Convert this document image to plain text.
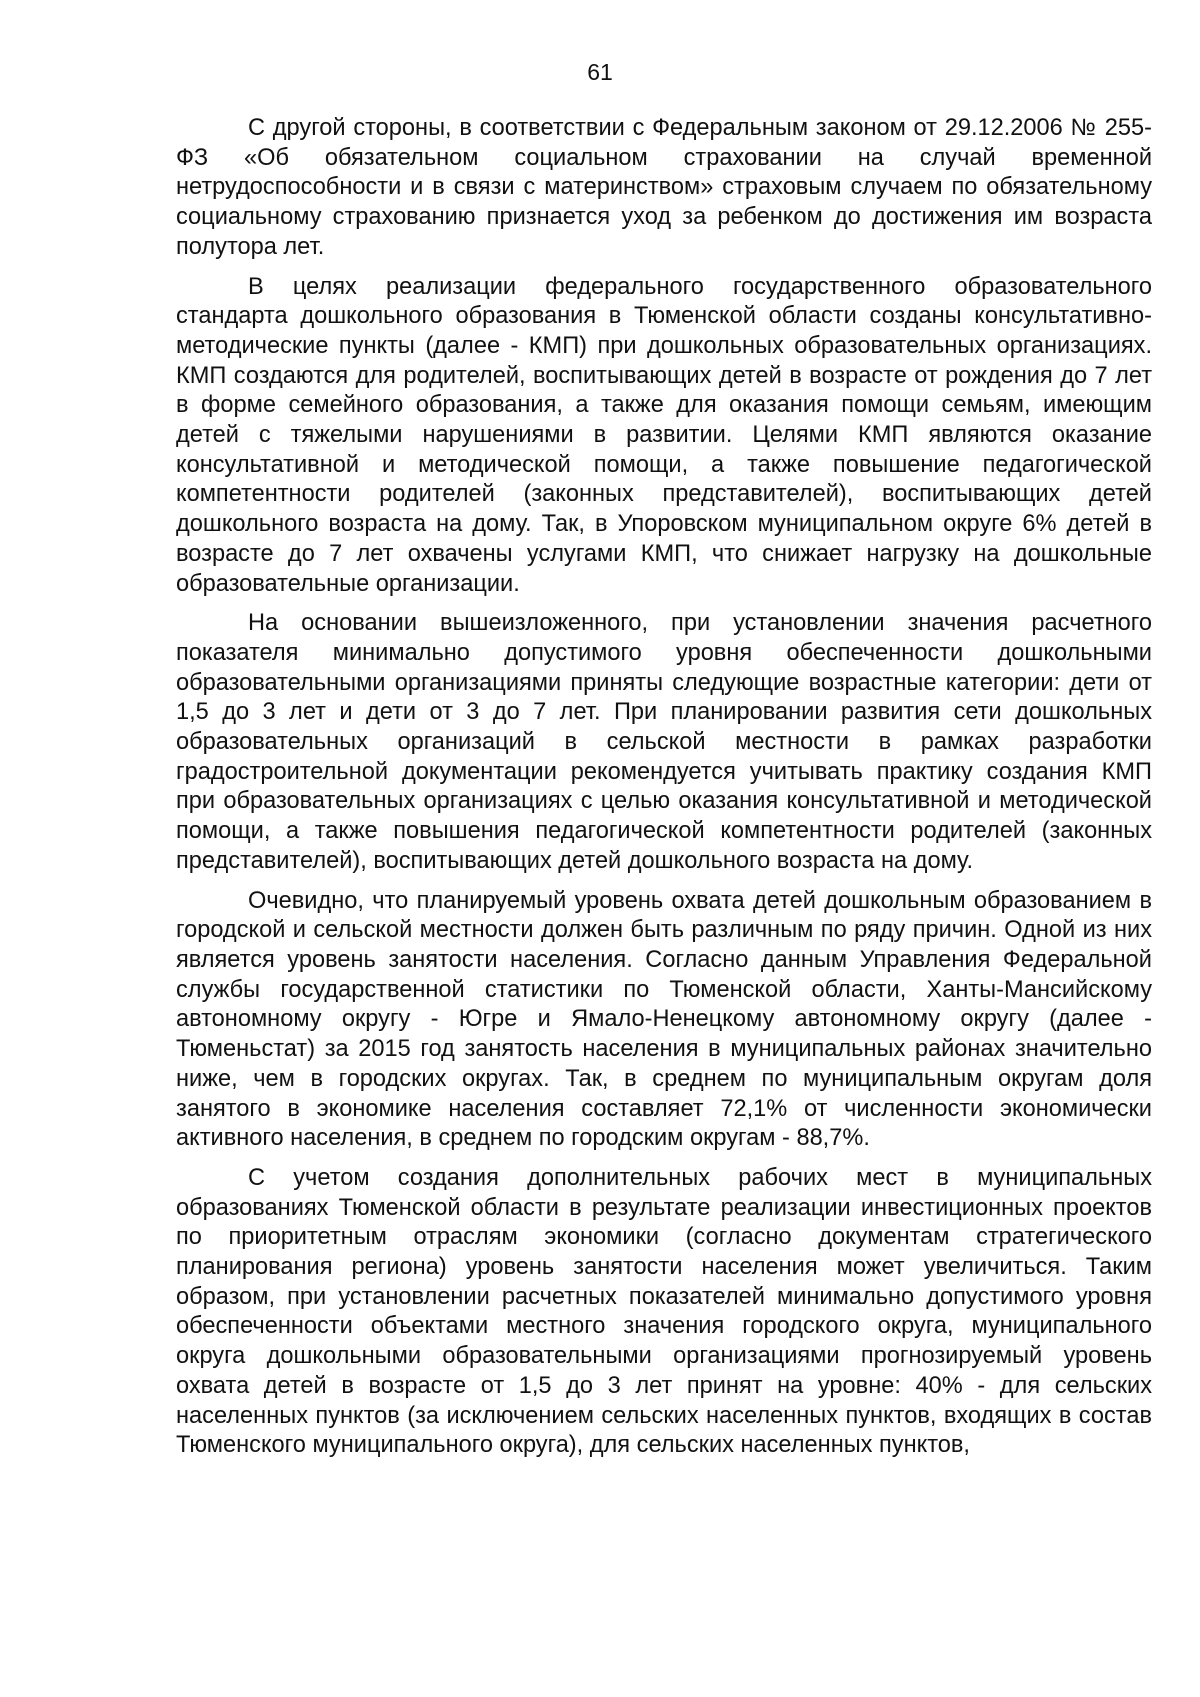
61

С другой стороны, в соответствии с Федеральным законом от 29.12.2006 № 255-ФЗ «Об обязательном социальном страховании на случай временной нетрудоспособности и в связи с материнством» страховым случаем по обязательному социальному страхованию признается уход за ребенком до достижения им возраста полутора лет.

В целях реализации федерального государственного образовательного стандарта дошкольного образования в Тюменской области созданы консультативно-методические пункты (далее - КМП) при дошкольных образовательных организациях. КМП создаются для родителей, воспитывающих детей в возрасте от рождения до 7 лет в форме семейного образования, а также для оказания помощи семьям, имеющим детей с тяжелыми нарушениями в развитии. Целями КМП являются оказание консультативной и методической помощи, а также повышение педагогической компетентности родителей (законных представителей), воспитывающих детей дошкольного возраста на дому. Так, в Упоровском муниципальном округе 6% детей в возрасте до 7 лет охвачены услугами КМП, что снижает нагрузку на дошкольные образовательные организации.

На основании вышеизложенного, при установлении значения расчетного показателя минимально допустимого уровня обеспеченности дошкольными образовательными организациями приняты следующие возрастные категории: дети от 1,5 до 3 лет и дети от 3 до 7 лет. При планировании развития сети дошкольных образовательных организаций в сельской местности в рамках разработки градостроительной документации рекомендуется учитывать практику создания КМП при образовательных организациях с целью оказания консультативной и методической помощи, а также повышения педагогической компетентности родителей (законных представителей), воспитывающих детей дошкольного возраста на дому.

Очевидно, что планируемый уровень охвата детей дошкольным образованием в городской и сельской местности должен быть различным по ряду причин. Одной из них является уровень занятости населения. Согласно данным Управления Федеральной службы государственной статистики по Тюменской области, Ханты-Мансийскому автономному округу - Югре и Ямало-Ненецкому автономному округу (далее - Тюменьстат) за 2015 год занятость населения в муниципальных районах значительно ниже, чем в городских округах. Так, в среднем по муниципальным округам доля занятого в экономике населения составляет 72,1% от численности экономически активного населения, в среднем по городским округам - 88,7%.

С учетом создания дополнительных рабочих мест в муниципальных образованиях Тюменской области в результате реализации инвестиционных проектов по приоритетным отраслям экономики (согласно документам стратегического планирования региона) уровень занятости населения может увеличиться. Таким образом, при установлении расчетных показателей минимально допустимого уровня обеспеченности объектами местного значения городского округа, муниципального округа дошкольными образовательными организациями прогнозируемый уровень охвата детей в возрасте от 1,5 до 3 лет принят на уровне: 40% - для сельских населенных пунктов (за исключением сельских населенных пунктов, входящих в состав Тюменского муниципального округа), для сельских населенных пунктов,
